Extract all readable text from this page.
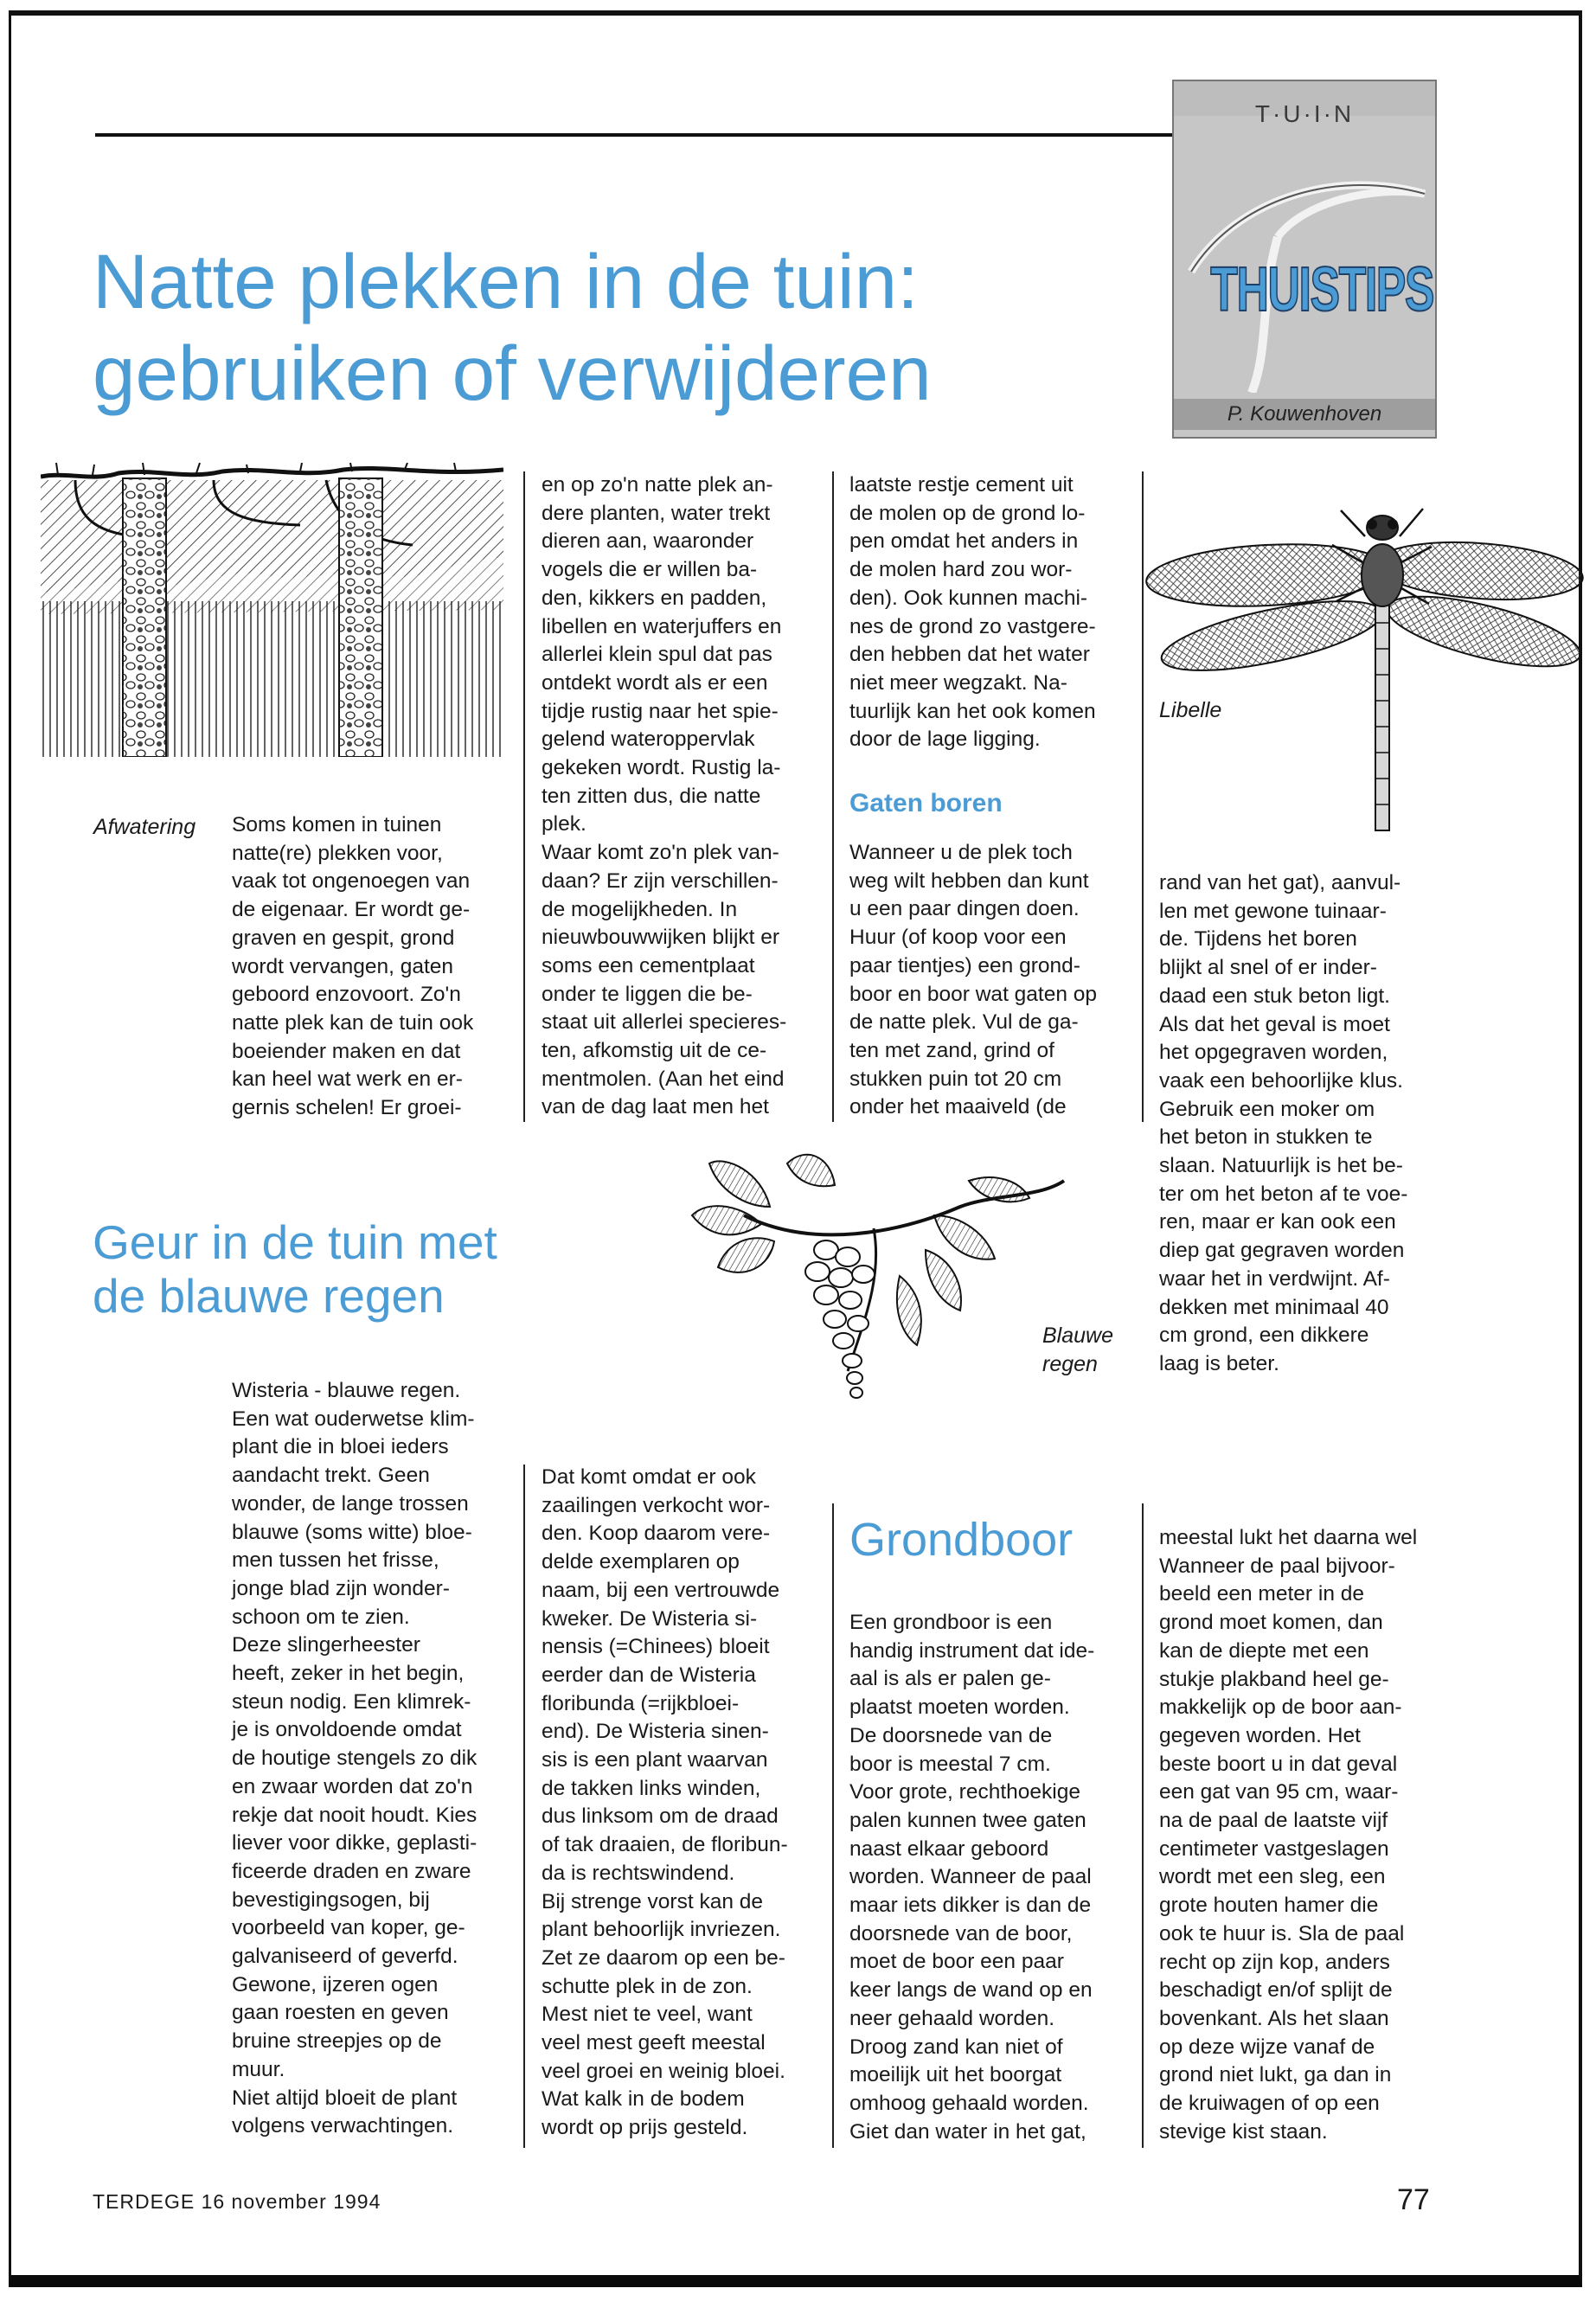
T·U·I·N
THUISTIPS
P. Kouwenhoven
Natte plekken in de tuin:
gebruiken of verwijderen
Afwatering Soms komen in tuinen
natte(re) plekken voor,
vaak tot ongenoegen van
de eigenaar. Er wordt ge-
graven en gespit, grond
wordt vervangen, gaten
geboord enzovoort. Zo'n
natte plek kan de tuin ook
boeiender maken en dat
kan heel wat werk en er-
gernis schelen! Er groei-

en op zo'n natte plek an-
dere planten, water trekt
dieren aan, waaronder
vogels die er willen ba-
den, kikkers en padden,
libellen en waterjuffers en
allerlei klein spul dat pas
ontdekt wordt als er een
tijdje rustig naar het spie-
gelend wateroppervlak
gekeken wordt. Rustig la-
ten zitten dus, die natte
plek.
Waar komt zo'n plek van-
daan? Er zijn verschillen-
de mogelijkheden. In
nieuwbouwwijken blijkt er
soms een cementplaat
onder te liggen die be-
staat uit allerlei specieres-
ten, afkomstig uit de ce-
mentmolen. (Aan het eind
van de dag laat men het

laatste restje cement uit
de molen op de grond lo-
pen omdat het anders in
de molen hard zou wor-
den). Ook kunnen machi-
nes de grond zo vastgere-
den hebben dat het water
niet meer wegzakt. Na-
tuurlijk kan het ook komen
door de lage ligging.

Gaten boren

Wanneer u de plek toch
weg wilt hebben dan kunt
u een paar dingen doen.
Huur (of koop voor een
paar tientjes) een grond-
boor en boor wat gaten op
de natte plek. Vul de ga-
ten met zand, grind of
stukken puin tot 20 cm
onder het maaiveld (de

rand van het gat), aanvul-
len met gewone tuinaar-
de. Tijdens het boren
blijkt al snel of er inder-
daad een stuk beton ligt.
Als dat het geval is moet
het opgegraven worden,
vaak een behoorlijke klus.
Gebruik een moker om
het beton in stukken te
slaan. Natuurlijk is het be-
ter om het beton af te voe-
ren, maar er kan ook een
diep gat gegraven worden
waar het in verdwijnt. Af-
dekken met minimaal 40
cm grond, een dikkere
laag is beter.

Libelle
Geur in de tuin met
de blauwe regen
Blauwe
regen

Wisteria - blauwe regen.
Een wat ouderwetse klim-
plant die in bloei ieders
aandacht trekt. Geen
wonder, de lange trossen
blauwe (soms witte) bloe-
men tussen het frisse,
jonge blad zijn wonder-
schoon om te zien.
Deze slingerheester
heeft, zeker in het begin,
steun nodig. Een klimrek-
je is onvoldoende omdat
de houtige stengels zo dik
en zwaar worden dat zo'n
rekje dat nooit houdt. Kies
liever voor dikke, geplasti-
ficeerde draden en zware
bevestigingsogen, bij
voorbeeld van koper, ge-
galvaniseerd of geverfd.
Gewone, ijzeren ogen
gaan roesten en geven
bruine streepjes op de
muur.
Niet altijd bloeit de plant
volgens verwachtingen.

Dat komt omdat er ook
zaailingen verkocht wor-
den. Koop daarom vere-
delde exemplaren op
naam, bij een vertrouwde
kweker. De Wisteria si-
nensis (=Chinees) bloeit
eerder dan de Wisteria
floribunda (=rijkbloei-
end). De Wisteria sinen-
sis is een plant waarvan
de takken links winden,
dus linksom om de draad
of tak draaien, de floribun-
da is rechtswindend.
Bij strenge vorst kan de
plant behoorlijk invriezen.
Zet ze daarom op een be-
schutte plek in de zon.
Mest niet te veel, want
veel mest geeft meestal
veel groei en weinig bloei.
Wat kalk in de bodem
wordt op prijs gesteld.

Grondboor

Een grondboor is een
handig instrument dat ide-
aal is als er palen ge-
plaatst moeten worden.
De doorsnede van de
boor is meestal 7 cm.
Voor grote, rechthoekige
palen kunnen twee gaten
naast elkaar geboord
worden. Wanneer de paal
maar iets dikker is dan de
doorsnede van de boor,
moet de boor een paar
keer langs de wand op en
neer gehaald worden.
Droog zand kan niet of
moeilijk uit het boorgat
omhoog gehaald worden.
Giet dan water in het gat,

meestal lukt het daarna wel
Wanneer de paal bijvoor-
beeld een meter in de
grond moet komen, dan
kan de diepte met een
stukje plakband heel ge-
makkelijk op de boor aan-
gegeven worden. Het
beste boort u in dat geval
een gat van 95 cm, waar-
na de paal de laatste vijf
centimeter vastgeslagen
wordt met een sleg, een
grote houten hamer die
ook te huur is. Sla de paal
recht op zijn kop, anders
beschadigt en/of splijt de
bovenkant. Als het slaan
op deze wijze vanaf de
grond niet lukt, ga dan in
de kruiwagen of op een
stevige kist staan.

TERDEGE 16 november 1994	77
